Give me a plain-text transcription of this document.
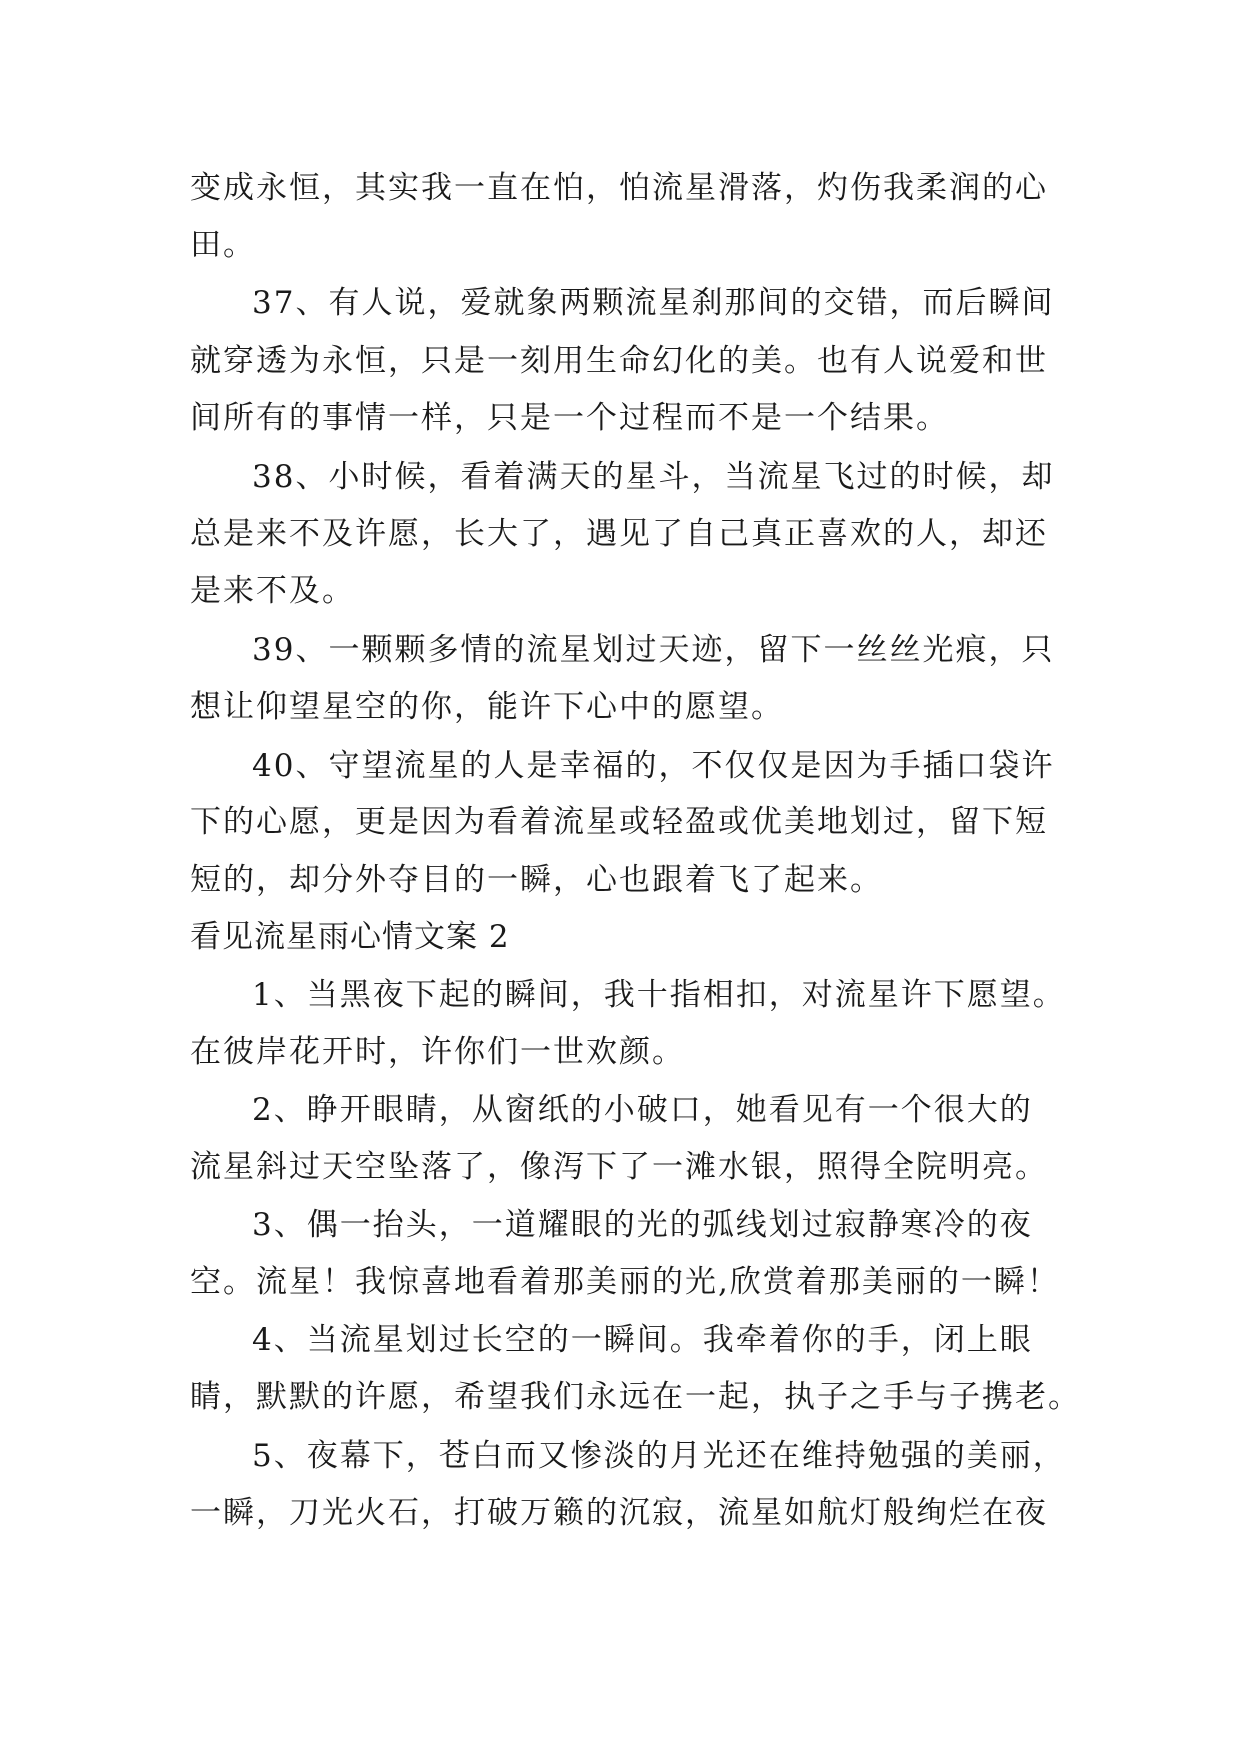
变成永恒，其实我一直在怕，怕流星滑落，灼伤我柔润的心

田。

37、有人说，爱就象两颗流星刹那间的交错，而后瞬间

就穿透为永恒，只是一刻用生命幻化的美。也有人说爱和世

间所有的事情一样，只是一个过程而不是一个结果。

38、小时候，看着满天的星斗，当流星飞过的时候，却

总是来不及许愿，长大了，遇见了自己真正喜欢的人，却还

是来不及。

39、一颗颗多情的流星划过天迹，留下一丝丝光痕，只

想让仰望星空的你，能许下心中的愿望。

40、守望流星的人是幸福的，不仅仅是因为手插口袋许

下的心愿，更是因为看着流星或轻盈或优美地划过，留下短

短的，却分外夺目的一瞬，心也跟着飞了起来。

看见流星雨心情文案 2

1、当黑夜下起的瞬间，我十指相扣，对流星许下愿望。

在彼岸花开时，许你们一世欢颜。

2、睁开眼睛，从窗纸的小破口，她看见有一个很大的

流星斜过天空坠落了，像泻下了一滩水银，照得全院明亮。

3、偶一抬头，一道耀眼的光的弧线划过寂静寒冷的夜

空。流星！我惊喜地看着那美丽的光,欣赏着那美丽的一瞬！

4、当流星划过长空的一瞬间。我牵着你的手，闭上眼

睛，默默的许愿，希望我们永远在一起，执子之手与子携老。

5、夜幕下，苍白而又惨淡的月光还在维持勉强的美丽，

一瞬，刀光火石，打破万籁的沉寂，流星如航灯般绚烂在夜
